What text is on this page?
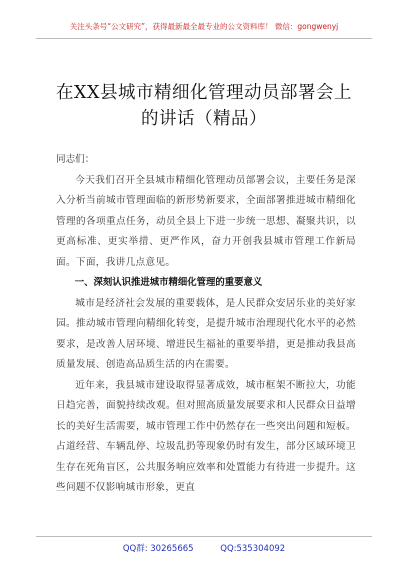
关注头条号“公文研究”，获得最新最全最专业的公文资料库！ 微信：gongwenyj
在XX县城市精细化管理动员部署会上
的讲话（精品）

同志们：

今天我们召开全县城市精细化管理动员部署会议，主要任务是深入分析当前城市管理面临的新形势新要求，全面部署推进城市精细化管理的各项重点任务，动员全县上下进一步统一思想、凝聚共识，以更高标准、更实举措、更严作风，奋力开创我县城市管理工作新局面。下面，我讲几点意见。

一、深刻认识推进城市精细化管理的重要意义

城市是经济社会发展的重要载体，是人民群众安居乐业的美好家园。推动城市管理向精细化转变，是提升城市治理现代化水平的必然要求，是改善人居环境、增进民生福祉的重要举措，更是推动我县高质量发展、创造高品质生活的内在需要。

近年来，我县城市建设取得显著成效，城市框架不断拉大，功能日趋完善，面貌持续改观。但对照高质量发展要求和人民群众日益增长的美好生活需要，城市管理工作中仍然存在一些突出问题和短板。占道经营、车辆乱停、垃圾乱扔等现象仍时有发生，部分区域环境卫生存在死角盲区，公共服务响应效率和处置能力有待进一步提升。这些问题不仅影响城市形象，更直

QQ群: 30265665	QQ:535304092
